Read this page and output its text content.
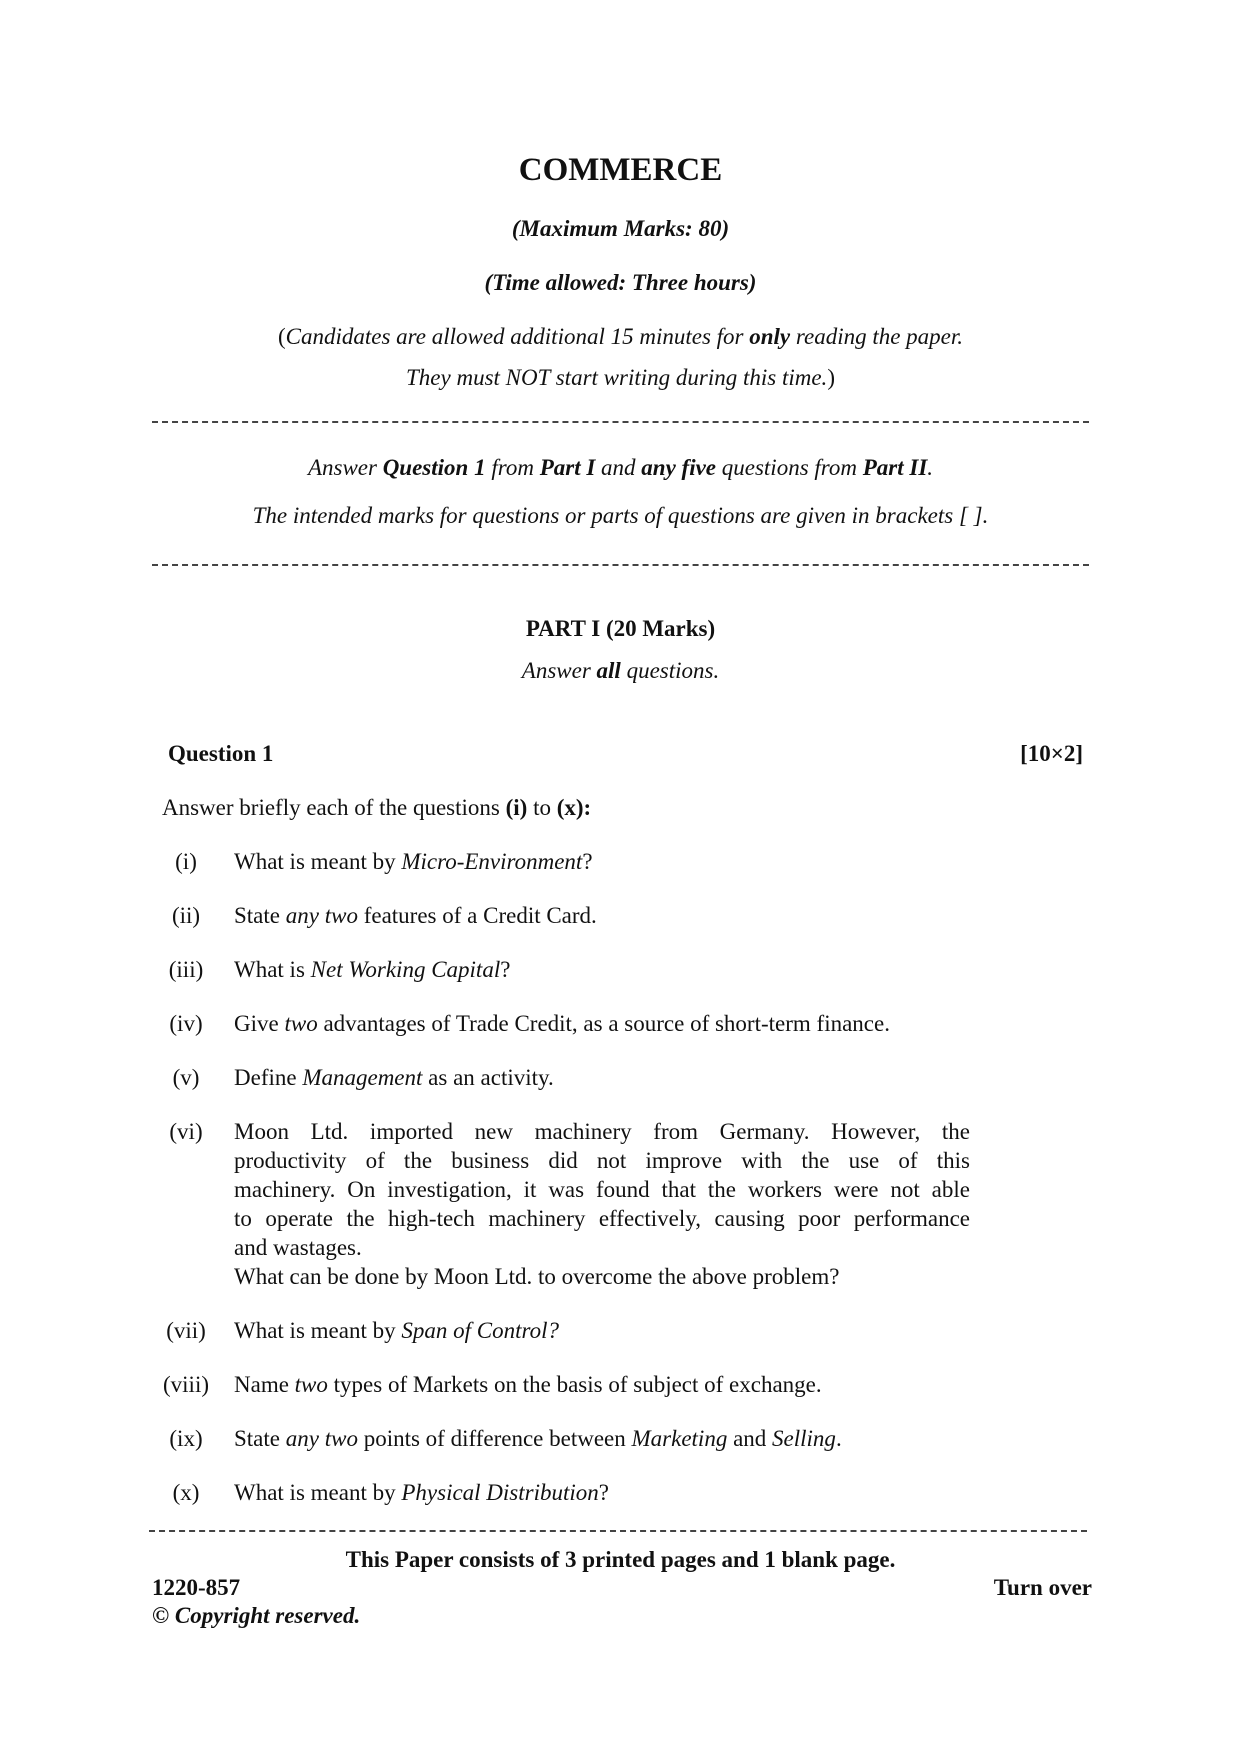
COMMERCE
(Maximum Marks: 80)
(Time allowed: Three hours)
(Candidates are allowed additional 15 minutes for only reading the paper.
They must NOT start writing during this time.)
Answer Question 1 from Part I and any five questions from Part II.
The intended marks for questions or parts of questions are given in brackets [ ].
PART I (20 Marks)
Answer all questions.
Question 1	[10×2]
Answer briefly each of the questions (i) to (x):
(i)	What is meant by Micro-Environment?
(ii)	State any two features of a Credit Card.
(iii)	What is Net Working Capital?
(iv)	Give two advantages of Trade Credit, as a source of short-term finance.
(v)	Define Management as an activity.
(vi)	Moon Ltd. imported new machinery from Germany. However, the
productivity of the business did not improve with the use of this
machinery. On investigation, it was found that the workers were not able
to operate the high-tech machinery effectively, causing poor performance
and wastages.
What can be done by Moon Ltd. to overcome the above problem?
(vii)	What is meant by Span of Control?
(viii)	Name two types of Markets on the basis of subject of exchange.
(ix)	State any two points of difference between Marketing and Selling.
(x)	What is meant by Physical Distribution?
This Paper consists of 3 printed pages and 1 blank page.
1220-857	Turn over
© Copyright reserved.
